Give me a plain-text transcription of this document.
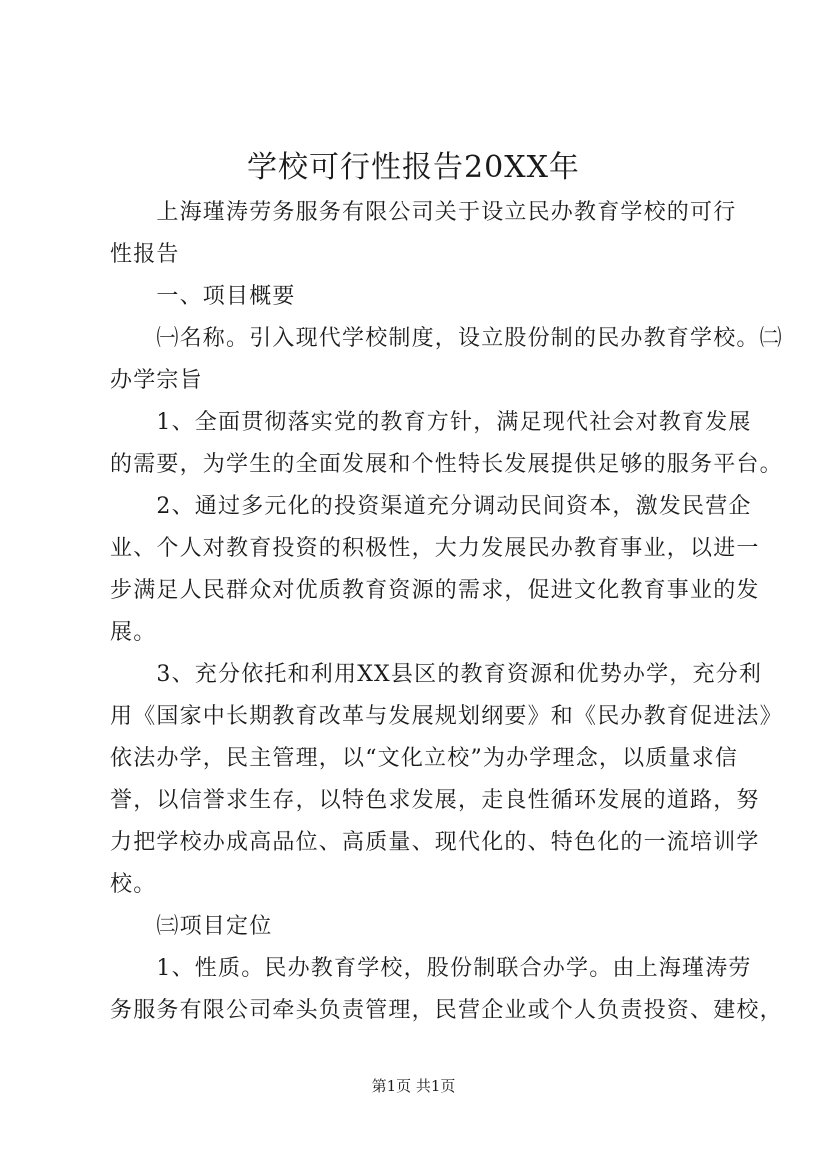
学校可行性报告20XX年

　　上海瑾涛劳务服务有限公司关于设立民办教育学校的可行

性报告

　　一、项目概要

　　㈠名称。引入现代学校制度，设立股份制的民办教育学校。㈡

办学宗旨

　　1、全面贯彻落实党的教育方针，满足现代社会对教育发展

的需要，为学生的全面发展和个性特长发展提供足够的服务平台。

　　2、通过多元化的投资渠道充分调动民间资本，激发民营企

业、个人对教育投资的积极性，大力发展民办教育事业，以进一

步满足人民群众对优质教育资源的需求，促进文化教育事业的发

展。

　　3、充分依托和利用XX县区的教育资源和优势办学，充分利

用《国家中长期教育改革与发展规划纲要》和《民办教育促进法》

依法办学，民主管理，以“文化立校”为办学理念，以质量求信

誉，以信誉求生存，以特色求发展，走良性循环发展的道路，努

力把学校办成高品位、高质量、现代化的、特色化的一流培训学

校。

　　㈢项目定位

　　1、性质。民办教育学校，股份制联合办学。由上海瑾涛劳

务服务有限公司牵头负责管理，民营企业或个人负责投资、建校，

第1页 共1页
